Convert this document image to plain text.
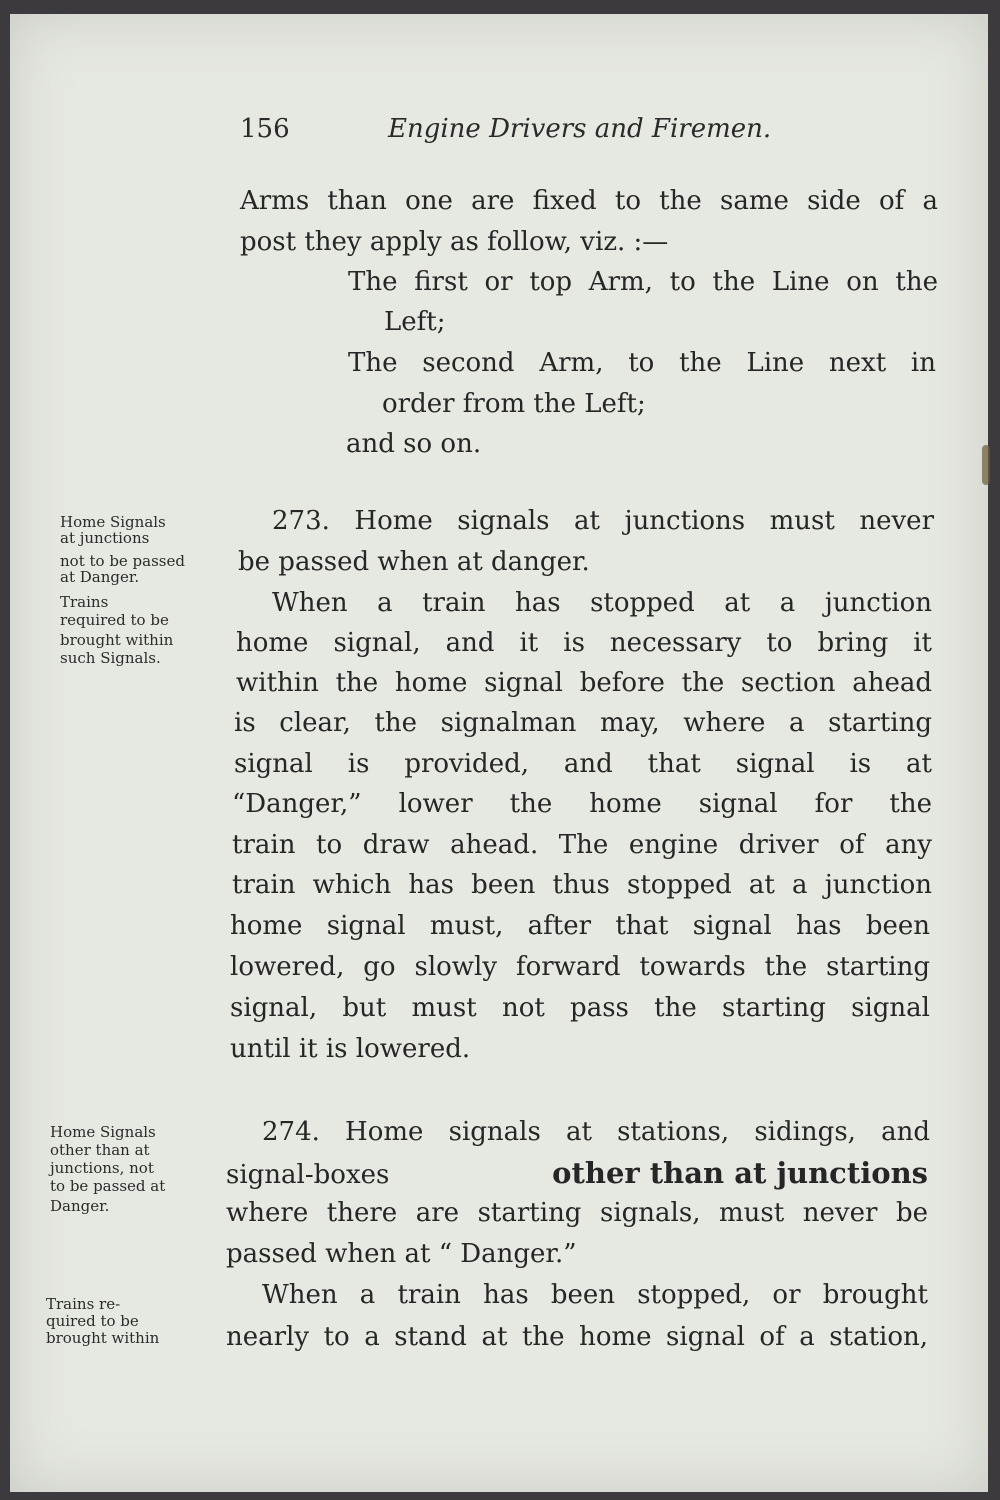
156	Engine Drivers and Firemen.
Arms than one are fixed to the same side of a
post they apply as follow, viz. :—
The first or top Arm, to the Line on the
Left;
The second Arm, to the Line next in
order from the Left;
and so on.
Home Signals
at junctions
not to be passed
at Danger.
Trains
required to be
brought within
such Signals.
273. Home signals at junctions must never
be passed when at danger.
When a train has stopped at a junction
home signal, and it is necessary to bring it
within the home signal before the section ahead
is clear, the signalman may, where a starting
signal is provided, and that signal is at
“Danger,” lower the home signal for the
train to draw ahead. The engine driver of any
train which has been thus stopped at a junction
home signal must, after that signal has been
lowered, go slowly forward towards the starting
signal, but must not pass the starting signal
until it is lowered.
Home Signals
other than at
junctions, not
to be passed at
Danger.
274. Home signals at stations, sidings, and
signal-boxes	other than at junctions
where there are starting signals, must never be
passed when at “ Danger.”
Trains re-
quired to be
brought within
When a train has been stopped, or brought
nearly to a stand at the home signal of a station,
